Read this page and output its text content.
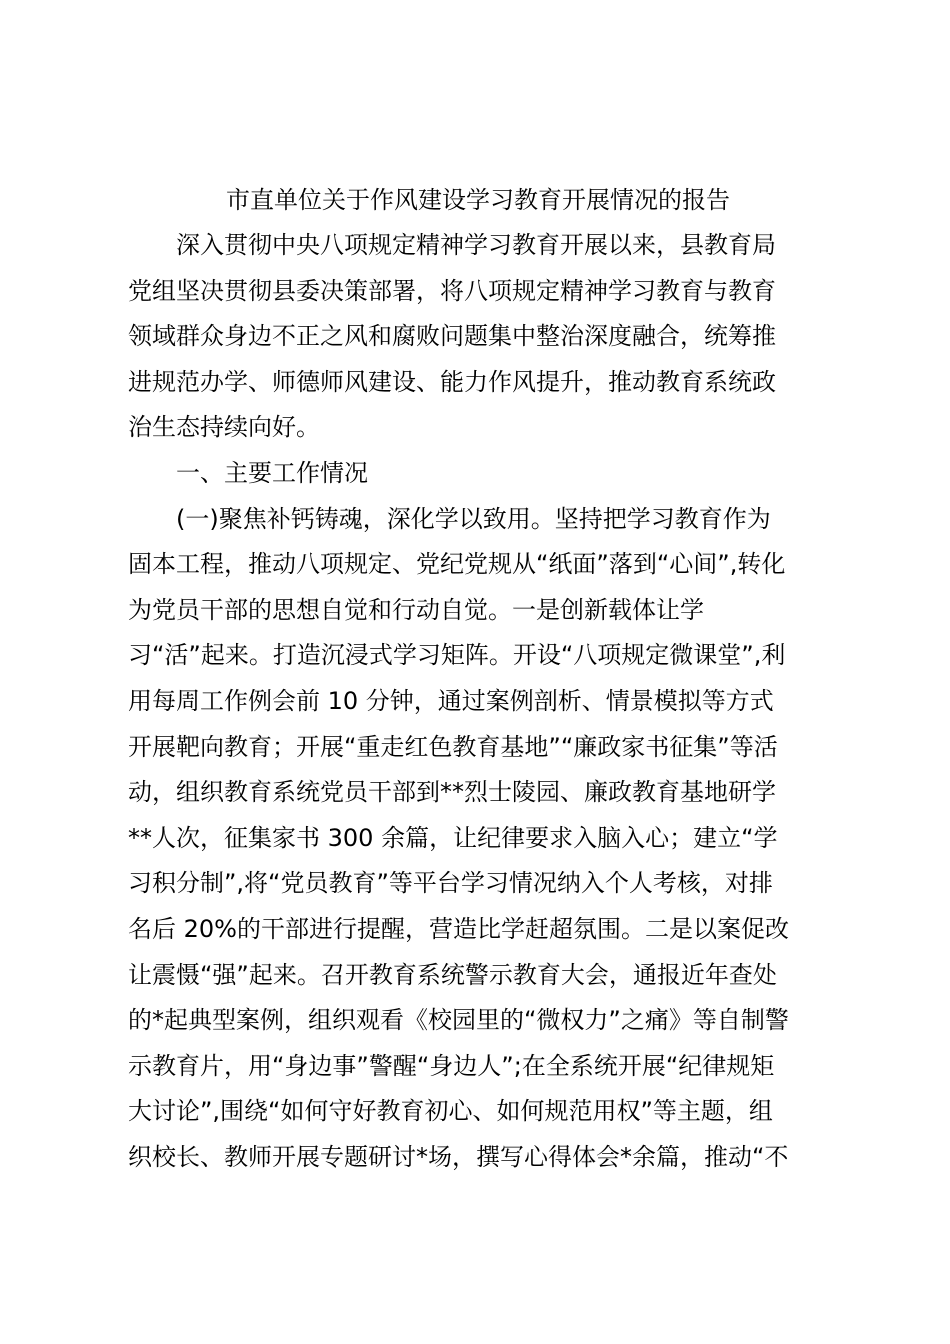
市直单位关于作风建设学习教育开展情况的报告
深入贯彻中央八项规定精神学习教育开展以来，县教育局
党组坚决贯彻县委决策部署，将八项规定精神学习教育与教育
领域群众身边不正之风和腐败问题集中整治深度融合，统筹推
进规范办学、师德师风建设、能力作风提升，推动教育系统政
治生态持续向好。
一、主要工作情况
(一)聚焦补钙铸魂，深化学以致用。坚持把学习教育作为
固本工程，推动八项规定、党纪党规从“纸面”落到“心间”,转化
为党员干部的思想自觉和行动自觉。一是创新载体让学
习“活”起来。打造沉浸式学习矩阵。开设“八项规定微课堂”,利
用每周工作例会前 10 分钟，通过案例剖析、情景模拟等方式
开展靶向教育；开展“重走红色教育基地”“廉政家书征集”等活
动，组织教育系统党员干部到**烈士陵园、廉政教育基地研学
**人次，征集家书 300 余篇，让纪律要求入脑入心；建立“学
习积分制”,将“党员教育”等平台学习情况纳入个人考核，对排
名后 20%的干部进行提醒，营造比学赶超氛围。二是以案促改
让震慑“强”起来。召开教育系统警示教育大会，通报近年查处
的*起典型案例，组织观看《校园里的“微权力”之痛》等自制警
示教育片，用“身边事”警醒“身边人”;在全系统开展“纪律规矩
大讨论”,围绕“如何守好教育初心、如何规范用权”等主题，组
织校长、教师开展专题研讨*场，撰写心得体会*余篇，推动“不
